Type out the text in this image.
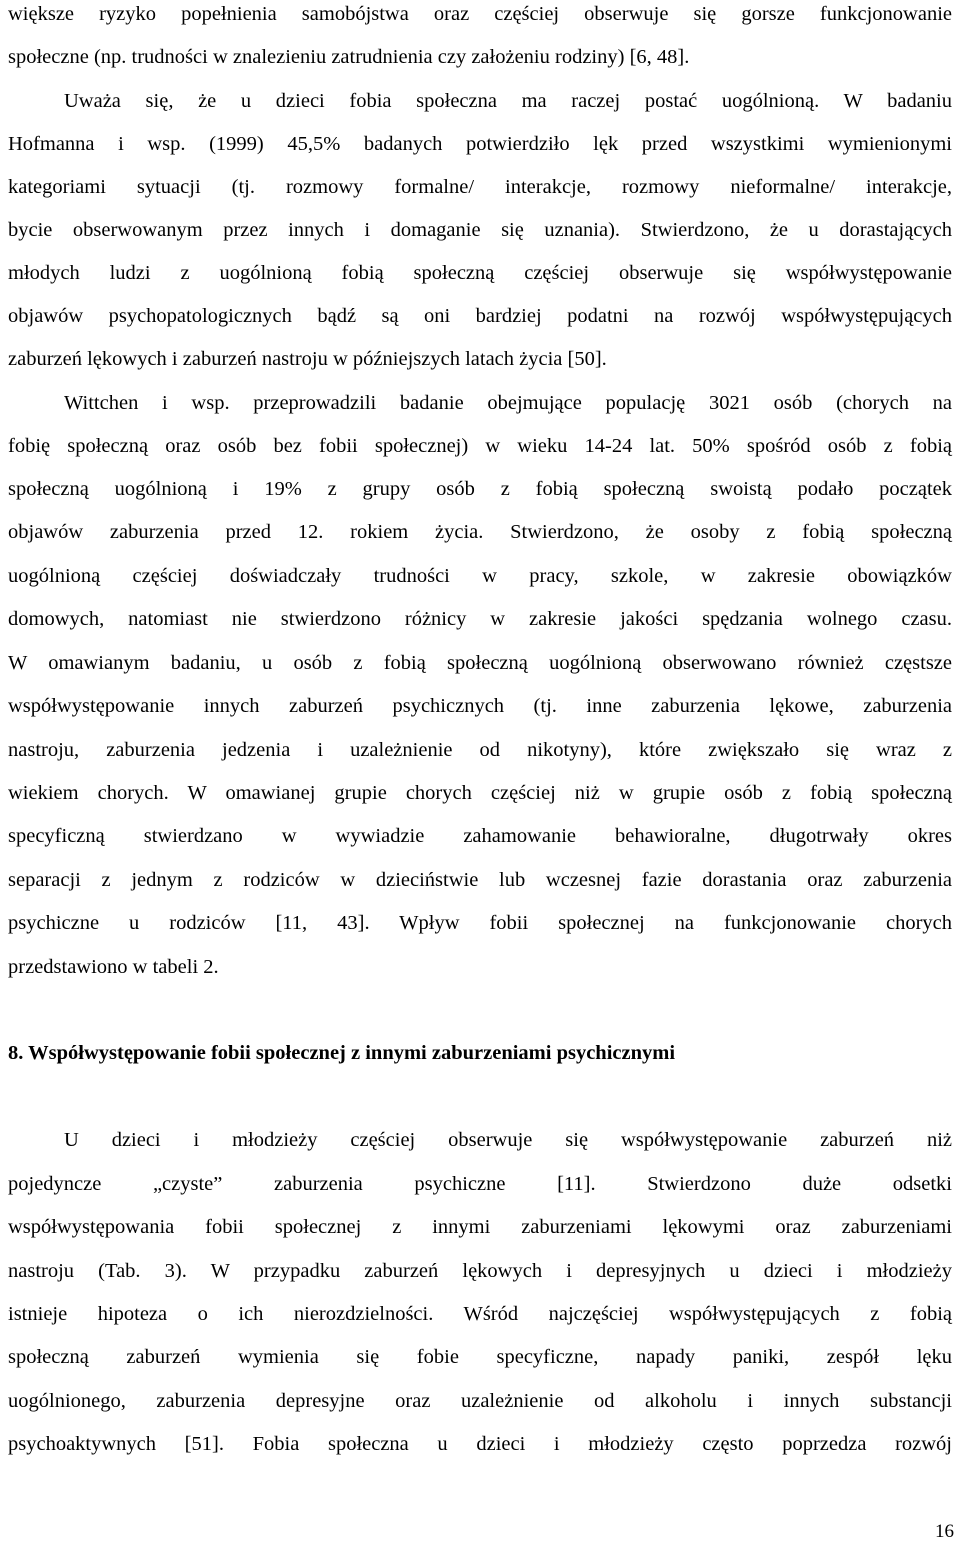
większe ryzyko popełnienia samobójstwa oraz częściej obserwuje się gorsze funkcjonowanie
społeczne (np. trudności w znalezieniu zatrudnienia czy założeniu rodziny) [6, 48].
Uważa się, że u dzieci fobia społeczna ma raczej postać uogólnioną. W badaniu
Hofmanna i wsp. (1999) 45,5% badanych potwierdziło lęk przed wszystkimi wymienionymi
kategoriami sytuacji (tj. rozmowy formalne/ interakcje, rozmowy nieformalne/ interakcje,
bycie obserwowanym przez innych i domaganie się uznania). Stwierdzono, że u dorastających
młodych ludzi z uogólnioną fobią społeczną częściej obserwuje się współwystępowanie
objawów psychopatologicznych bądź są oni bardziej podatni na rozwój współwystępujących
zaburzeń lękowych i zaburzeń nastroju w późniejszych latach życia [50].
Wittchen i wsp. przeprowadzili badanie obejmujące populację 3021 osób (chorych na
fobię społeczną oraz osób bez fobii społecznej) w wieku 14-24 lat. 50% spośród osób z fobią
społeczną uogólnioną i 19% z grupy osób z fobią społeczną swoistą podało początek
objawów zaburzenia przed 12. rokiem życia. Stwierdzono, że osoby z fobią społeczną
uogólnioną częściej doświadczały trudności w pracy, szkole, w zakresie obowiązków
domowych, natomiast nie stwierdzono różnicy w zakresie jakości spędzania wolnego czasu.
W omawianym badaniu, u osób z fobią społeczną uogólnioną obserwowano również częstsze
współwystępowanie innych zaburzeń psychicznych (tj. inne zaburzenia lękowe, zaburzenia
nastroju, zaburzenia jedzenia i uzależnienie od nikotyny), które zwiększało się wraz z
wiekiem chorych. W omawianej grupie chorych częściej niż w grupie osób z fobią społeczną
specyficzną stwierdzano w wywiadzie zahamowanie behawioralne, długotrwały okres
separacji z jednym z rodziców w dzieciństwie lub wczesnej fazie dorastania oraz zaburzenia
psychiczne u rodziców [11, 43]. Wpływ fobii społecznej na funkcjonowanie chorych
przedstawiono w tabeli 2.
8. Współwystępowanie fobii społecznej z innymi zaburzeniami psychicznymi
U dzieci i młodzieży częściej obserwuje się współwystępowanie zaburzeń niż
pojedyncze „czyste” zaburzenia psychiczne [11]. Stwierdzono duże odsetki
współwystępowania fobii społecznej z innymi zaburzeniami lękowymi oraz zaburzeniami
nastroju (Tab. 3). W przypadku zaburzeń lękowych i depresyjnych u dzieci i młodzieży
istnieje hipoteza o ich nierozdzielności. Wśród najczęściej współwystępujących z fobią
społeczną zaburzeń wymienia się fobie specyficzne, napady paniki, zespół lęku
uogólnionego, zaburzenia depresyjne oraz uzależnienie od alkoholu i innych substancji
psychoaktywnych [51]. Fobia społeczna u dzieci i młodzieży często poprzedza rozwój
16
